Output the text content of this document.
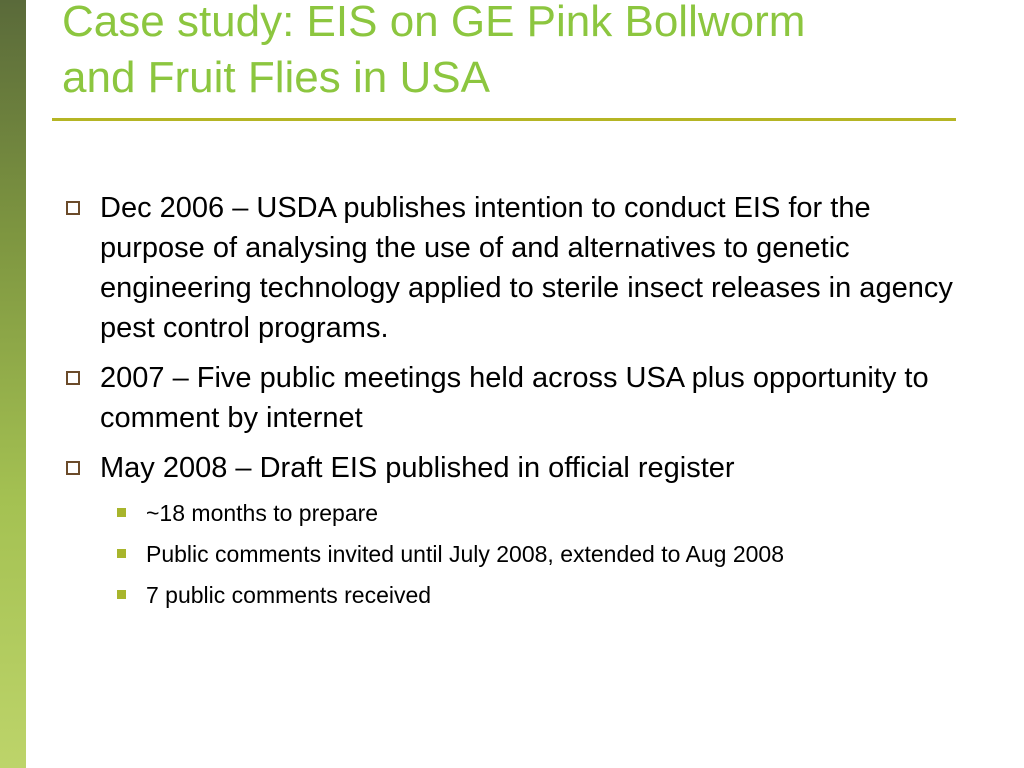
Case study: EIS on GE Pink Bollworm
and Fruit Flies in USA
Dec 2006 – USDA publishes intention to conduct EIS for the purpose of analysing the use of and alternatives to genetic engineering technology applied to sterile insect releases in agency pest control programs.
2007 – Five public meetings held across USA plus opportunity to comment by internet
May 2008 – Draft EIS published in official register
~18 months to prepare
Public comments invited until July 2008, extended to Aug 2008
7 public comments received
